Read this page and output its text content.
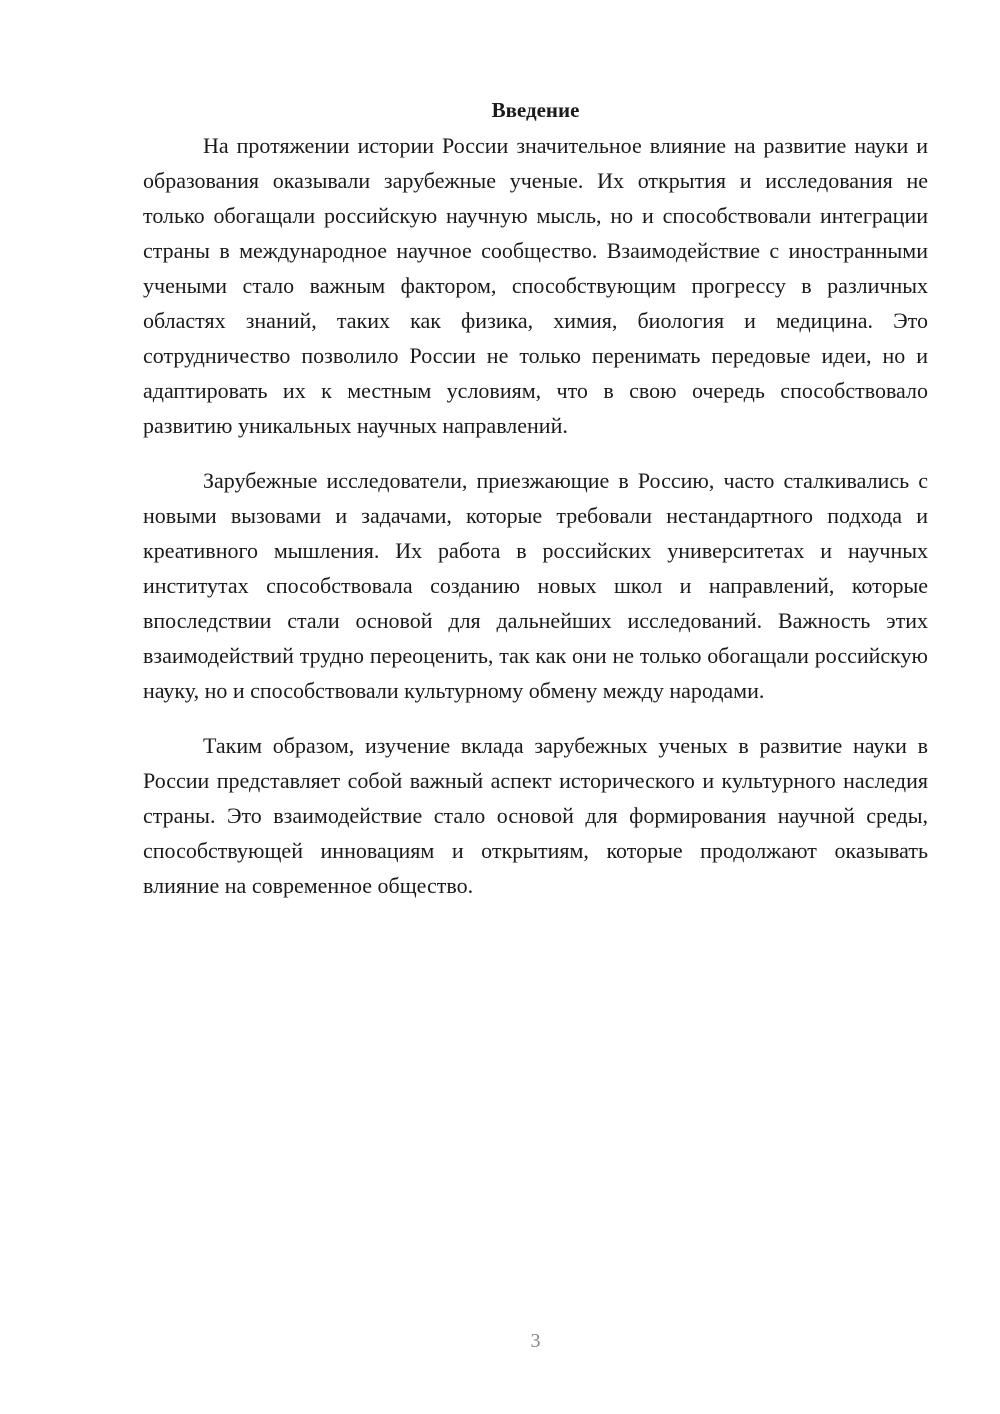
Введение

На протяжении истории России значительное влияние на развитие науки и образования оказывали зарубежные ученые. Их открытия и исследования не только обогащали российскую научную мысль, но и способствовали интеграции страны в международное научное сообщество. Взаимодействие с иностранными учеными стало важным фактором, способствующим прогрессу в различных областях знаний, таких как физика, химия, биология и медицина. Это сотрудничество позволило России не только перенимать передовые идеи, но и адаптировать их к местным условиям, что в свою очередь способствовало развитию уникальных научных направлений.

Зарубежные исследователи, приезжающие в Россию, часто сталкивались с новыми вызовами и задачами, которые требовали нестандартного подхода и креативного мышления. Их работа в российских университетах и научных институтах способствовала созданию новых школ и направлений, которые впоследствии стали основой для дальнейших исследований. Важность этих взаимодействий трудно переоценить, так как они не только обогащали российскую науку, но и способствовали культурному обмену между народами.

Таким образом, изучение вклада зарубежных ученых в развитие науки в России представляет собой важный аспект исторического и культурного наследия страны. Это взаимодействие стало основой для формирования научной среды, способствующей инновациям и открытиям, которые продолжают оказывать влияние на современное общество.

3
